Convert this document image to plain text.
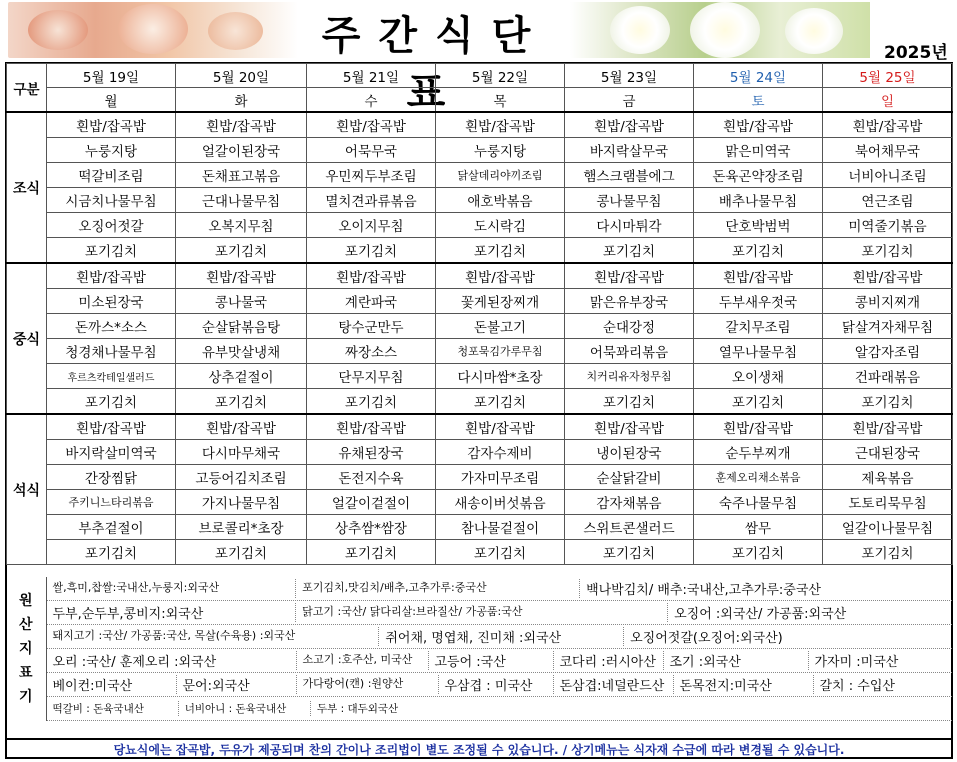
주간식단표
2025년
구분	5월 19일	5월 20일	5월 21일	5월 22일	5월 23일	5월 24일	5월 25일
	월	화	수	목	금	토	일
조식	흰밥/잡곡밥	흰밥/잡곡밥	흰밥/잡곡밥	흰밥/잡곡밥	흰밥/잡곡밥	흰밥/잡곡밥	흰밥/잡곡밥
	누룽지탕	얼갈이된장국	어묵무국	누룽지탕	바지락살무국	맑은미역국	북어채무국
	떡갈비조림	돈채표고볶음	우민찌두부조림	닭살데리야끼조림	햄스크램블에그	돈육곤약장조림	너비아니조림
	시금치나물무침	근대나물무침	멸치견과류볶음	애호박볶음	콩나물무침	배추나물무침	연근조림
	오징어젓갈	오복지무침	오이지무침	도시락김	다시마튀각	단호박범벅	미역줄기볶음
	포기김치	포기김치	포기김치	포기김치	포기김치	포기김치	포기김치
중식	흰밥/잡곡밥	흰밥/잡곡밥	흰밥/잡곡밥	흰밥/잡곡밥	흰밥/잡곡밥	흰밥/잡곡밥	흰밥/잡곡밥
	미소된장국	콩나물국	계란파국	꽃게된장찌개	맑은유부장국	두부새우젓국	콩비지찌개
	돈까스*소스	순살닭볶음탕	탕수군만두	돈불고기	순대강정	갈치무조림	닭살겨자채무침
	청경채나물무침	유부맛살냉채	짜장소스	청포묵김가루무침	어묵꽈리볶음	열무나물무침	알감자조림
	후르츠칵테일샐러드	상추겉절이	단무지무침	다시마쌈*초장	치커리유자청무침	오이생채	건파래볶음
	포기김치	포기김치	포기김치	포기김치	포기김치	포기김치	포기김치
석식	흰밥/잡곡밥	흰밥/잡곡밥	흰밥/잡곡밥	흰밥/잡곡밥	흰밥/잡곡밥	흰밥/잡곡밥	흰밥/잡곡밥
	바지락살미역국	다시마무채국	유채된장국	감자수제비	냉이된장국	순두부찌개	근대된장국
	간장찜닭	고등어김치조림	돈전지수육	가자미무조림	순살닭갈비	훈제오리채소볶음	제육볶음
	주키니느타리볶음	가지나물무침	얼갈이겉절이	새송이버섯볶음	감자채볶음	숙주나물무침	도토리묵무침
	부추겉절이	브로콜리*초장	상추쌈*쌈장	참나물겉절이	스위트콘샐러드	쌈무	얼갈이나물무침
	포기김치	포기김치	포기김치	포기김치	포기김치	포기김치	포기김치
원
산
지
표
기

쌀,흑미,찹쌀:국내산,누룽지:외국산	포기김치,맛김치/배추,고추가루:중국산	백나박김치/ 배추:국내산,고추가루:중국산

두부,순두부,콩비지:외국산	닭고기 :국산/ 닭다리살:브라질산/ 가공품:국산	오징어 :외국산/ 가공품:외국산

돼지고기 :국산/ 가공품:국산, 목살(수육용) :외국산	쥐어채, 명엽채, 진미채 :외국산	오징어젓갈(오징어:외국산)

오리 :국산/ 훈제오리 :외국산	소고기 :호주산, 미국산	고등어 :국산	코다리 :러시아산	조기 :외국산	가자미 :미국산

베이컨:미국산	문어:외국산	가다랑어(캔) :원양산	우삼겹 : 미국산	돈삼겹:네덜란드산	돈목전지:미국산	갈치 : 수입산

떡갈비 : 돈육국내산	너비아니 : 돈육국내산	두부 : 대두외국산
당뇨식에는 잡곡밥, 두유가 제공되며 찬의 간이나 조리법이 별도 조정될 수 있습니다. / 상기메뉴는 식자재 수급에 따라 변경될 수 있습니다.
